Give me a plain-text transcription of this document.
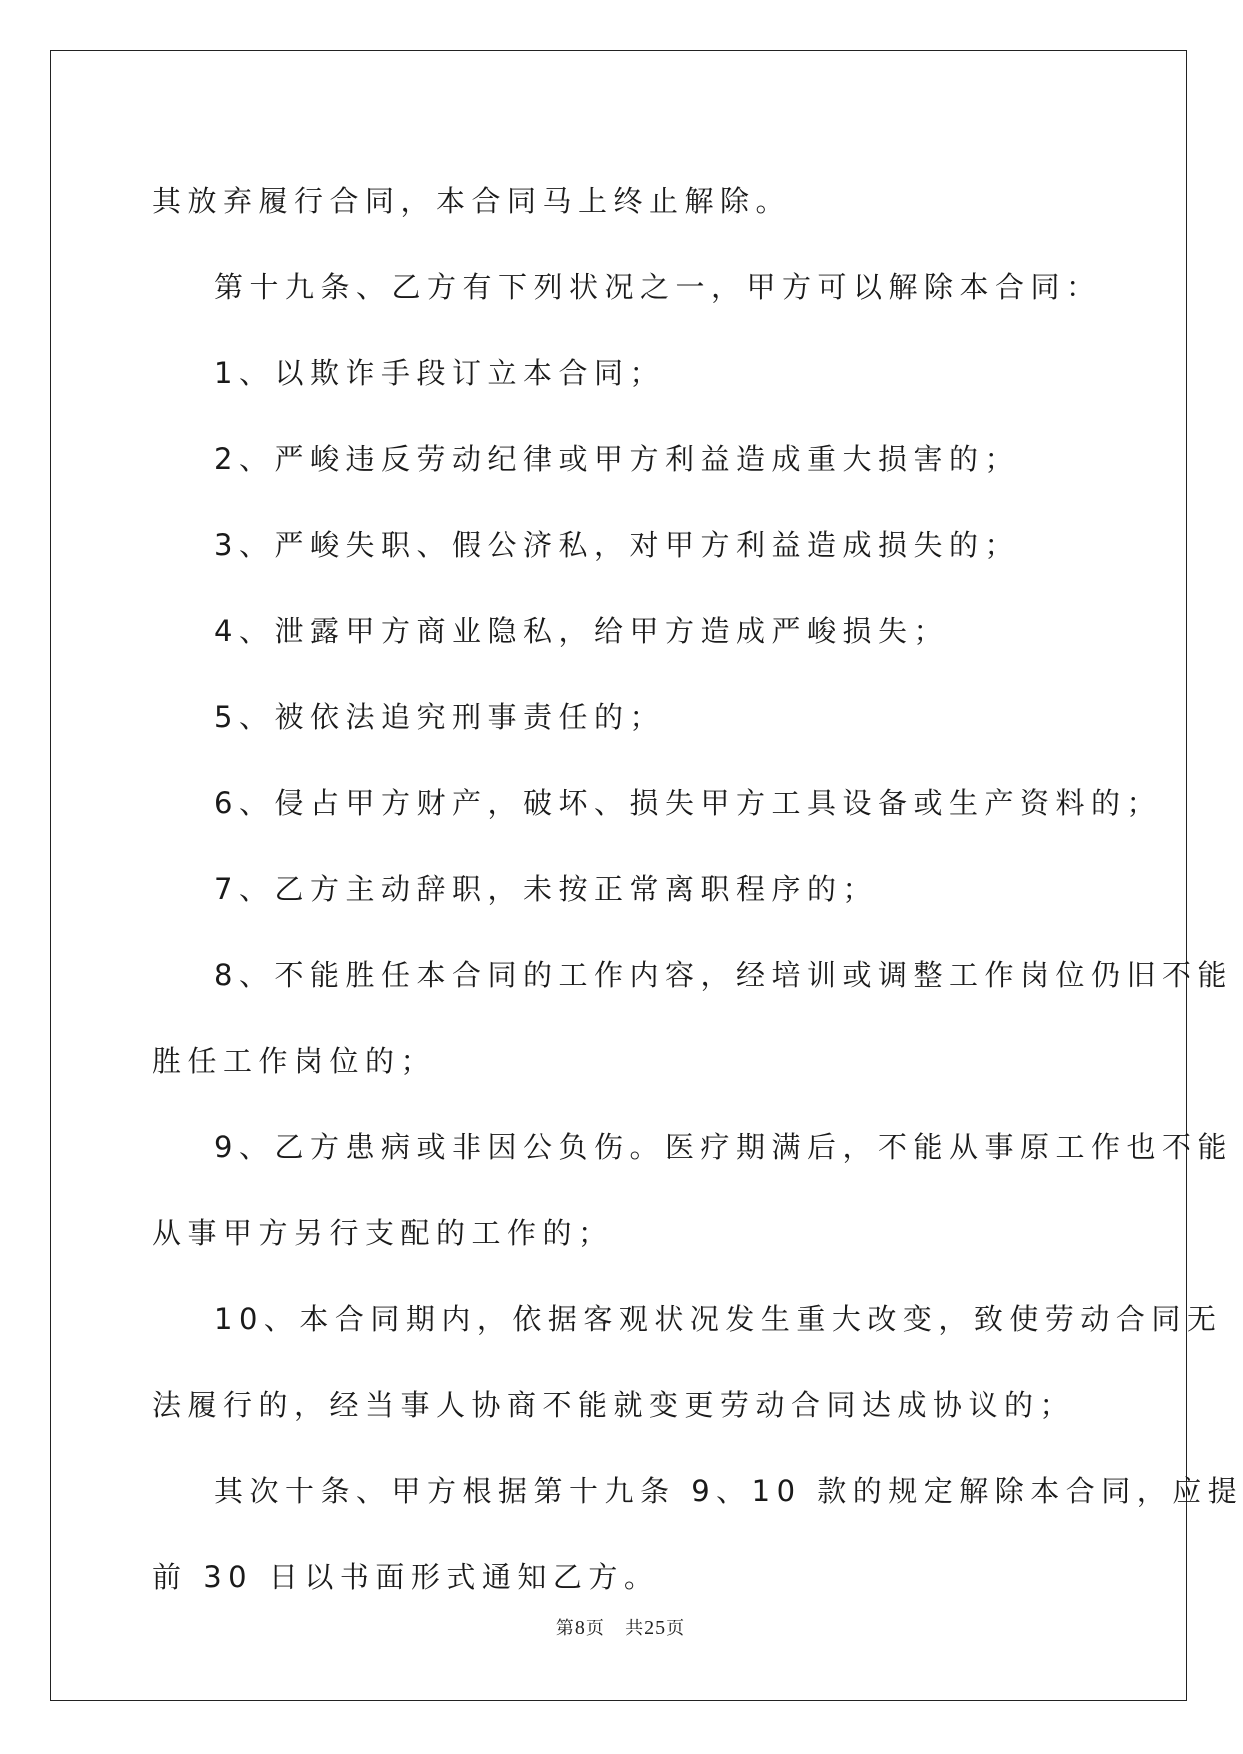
其放弃履行合同，本合同马上终止解除。
第十九条、乙方有下列状况之一，甲方可以解除本合同：
1、以欺诈手段订立本合同；
2、严峻违反劳动纪律或甲方利益造成重大损害的；
3、严峻失职、假公济私，对甲方利益造成损失的；
4、泄露甲方商业隐私，给甲方造成严峻损失；
5、被依法追究刑事责任的；
6、侵占甲方财产，破坏、损失甲方工具设备或生产资料的；
7、乙方主动辞职，未按正常离职程序的；
8、不能胜任本合同的工作内容，经培训或调整工作岗位仍旧不能
胜任工作岗位的；
9、乙方患病或非因公负伤。医疗期满后，不能从事原工作也不能
从事甲方另行支配的工作的；
10、本合同期内，依据客观状况发生重大改变，致使劳动合同无
法履行的，经当事人协商不能就变更劳动合同达成协议的；
其次十条、甲方根据第十九条 9、10 款的规定解除本合同，应提
前 30 日以书面形式通知乙方。
第8页 共25页
